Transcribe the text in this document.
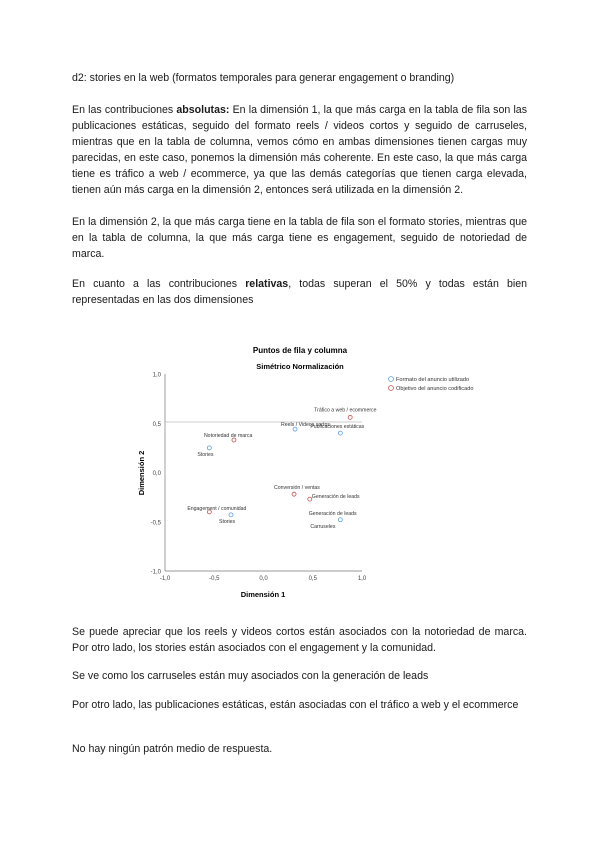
d2: stories en la web (formatos temporales para generar engagement o branding)

En las contribuciones absolutas: En la dimensión 1, la que más carga en la tabla de fila son las publicaciones estáticas, seguido del formato reels / videos cortos y seguido de carruseles, mientras que en la tabla de columna, vemos cómo en ambas dimensiones tienen cargas muy parecidas, en este caso, ponemos la dimensión más coherente. En este caso, la que más carga tiene es tráfico a web / ecommerce, ya que las demás categorías que tienen carga elevada, tienen aún más carga en la dimensión 2, entonces será utilizada en la dimensión 2.

En la dimensión 2, la que más carga tiene en la tabla de fila son el formato stories, mientras que en la tabla de columna, la que más carga tiene es engagement, seguido de notoriedad de marca.

En cuanto a las contribuciones relativas, todas superan el 50% y todas están bien representadas en las dos dimensiones

Puntos de fila y columna
Simétrico Normalización
Formato del anuncio utilizado
Objetivo del anuncio codificado
1,0
0,5
0,0
-0,5
-1,0
-1,0	-0,5	0,0	0,5	1,0
Reels / Videos cortos
Publicaciones estáticas
Stories
Carruseles
Stories
Tráfico a web / ecommerce
Notoriedad de marca
Conversión / ventas
Engagement / comunidad
Generación de leads
Generación de leads
Dimensión 1
Dimensión 2

Se puede apreciar que los reels y videos cortos están asociados con la notoriedad de marca. Por otro lado, los stories están asociados con el engagement y la comunidad.

Se ve como los carruseles están muy asociados con la generación de leads

Por otro lado, las publicaciones estáticas, están asociadas con el tráfico a web y el ecommerce

No hay ningún patrón medio de respuesta.
